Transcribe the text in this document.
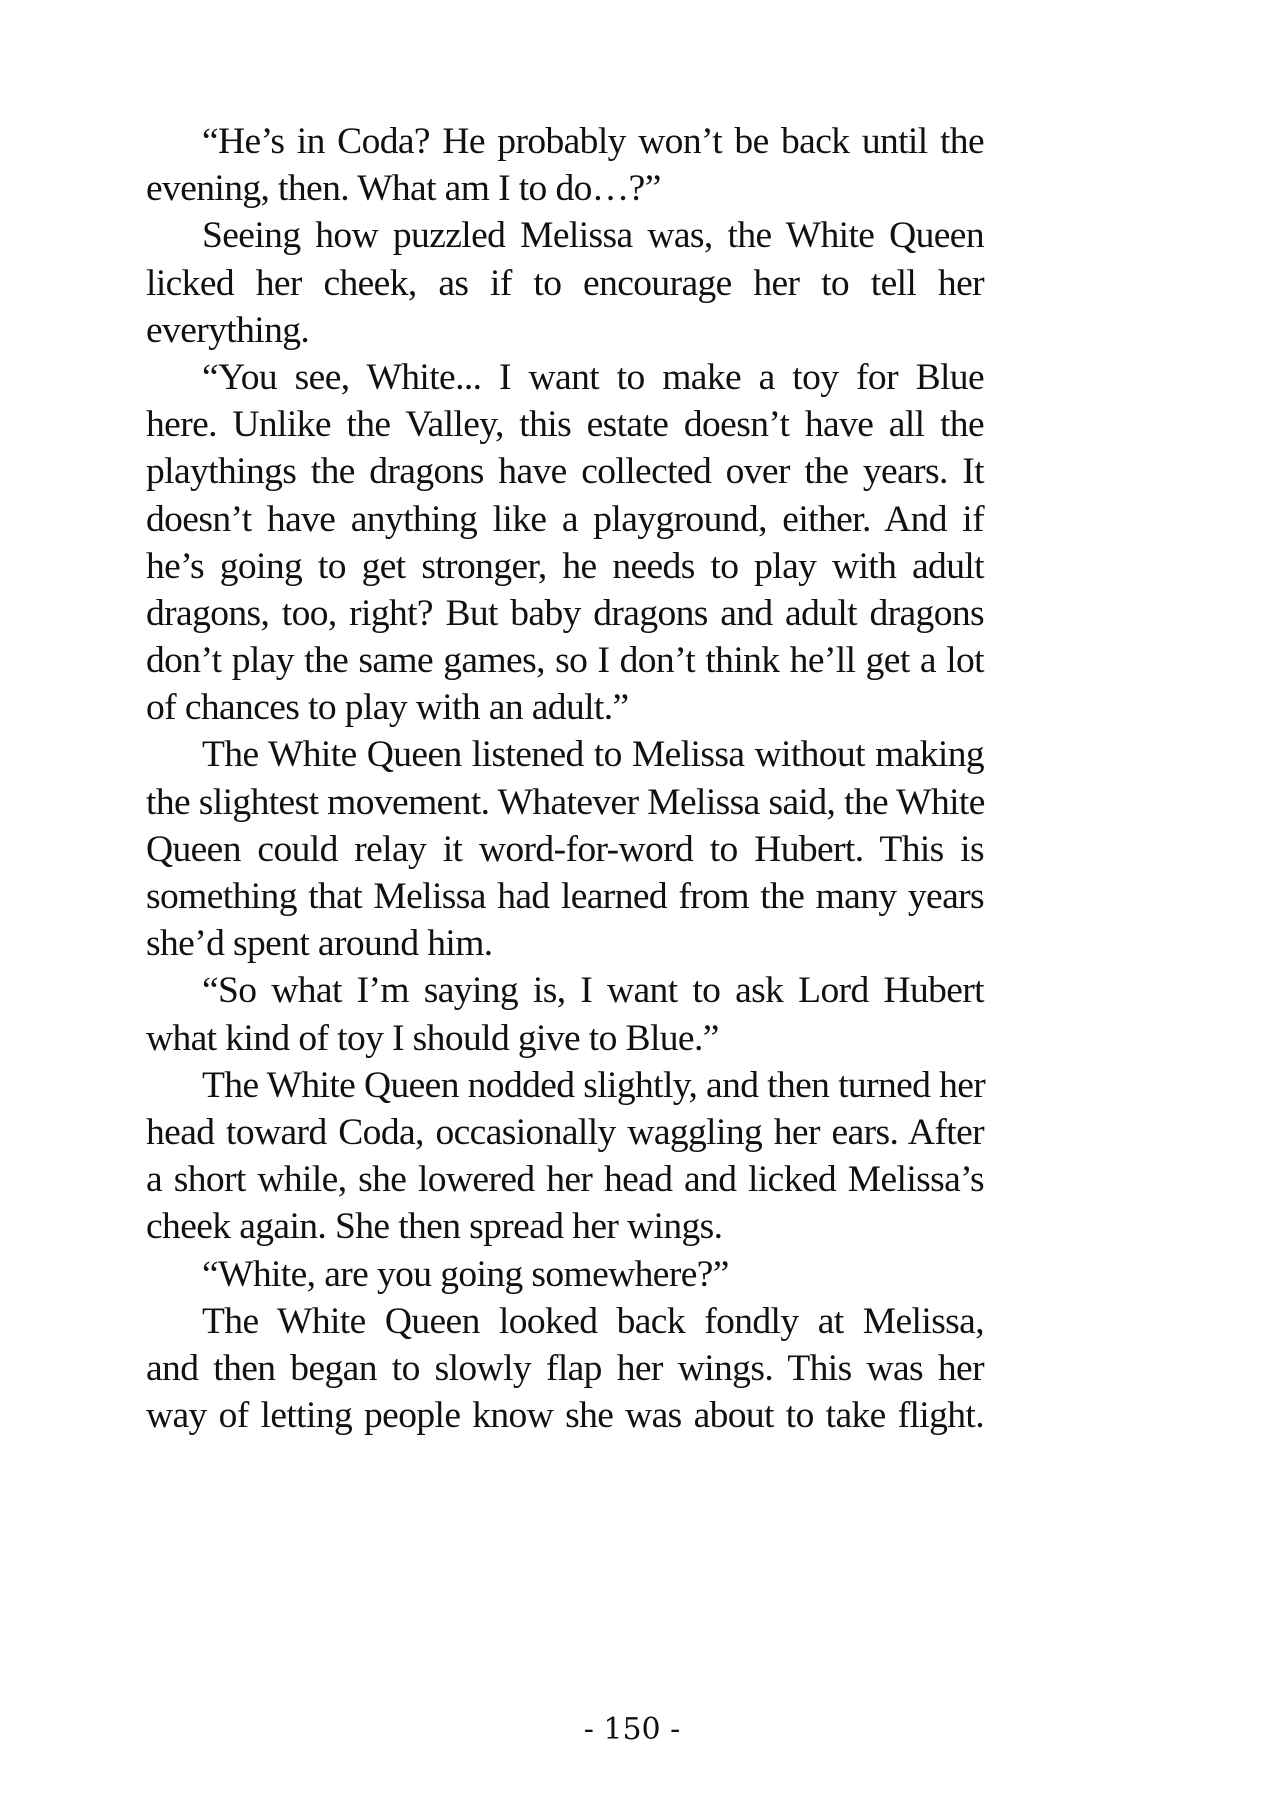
“He’s in Coda? He probably won’t be back until the
evening, then. What am I to do…?”
Seeing how puzzled Melissa was, the White Queen
licked her cheek, as if to encourage her to tell her
everything.
“You see, White... I want to make a toy for Blue
here. Unlike the Valley, this estate doesn’t have all the
playthings the dragons have collected over the years. It
doesn’t have anything like a playground, either. And if
he’s going to get stronger, he needs to play with adult
dragons, too, right? But baby dragons and adult dragons
don’t play the same games, so I don’t think he’ll get a lot
of chances to play with an adult.”
The White Queen listened to Melissa without making
the slightest movement. Whatever Melissa said, the White
Queen could relay it word-for-word to Hubert. This is
something that Melissa had learned from the many years
she’d spent around him.
“So what I’m saying is, I want to ask Lord Hubert
what kind of toy I should give to Blue.”
The White Queen nodded slightly, and then turned her
head toward Coda, occasionally waggling her ears. After
a short while, she lowered her head and licked Melissa’s
cheek again. She then spread her wings.
“White, are you going somewhere?”
The White Queen looked back fondly at Melissa,
and then began to slowly flap her wings. This was her
way of letting people know she was about to take flight.
- 150 -
